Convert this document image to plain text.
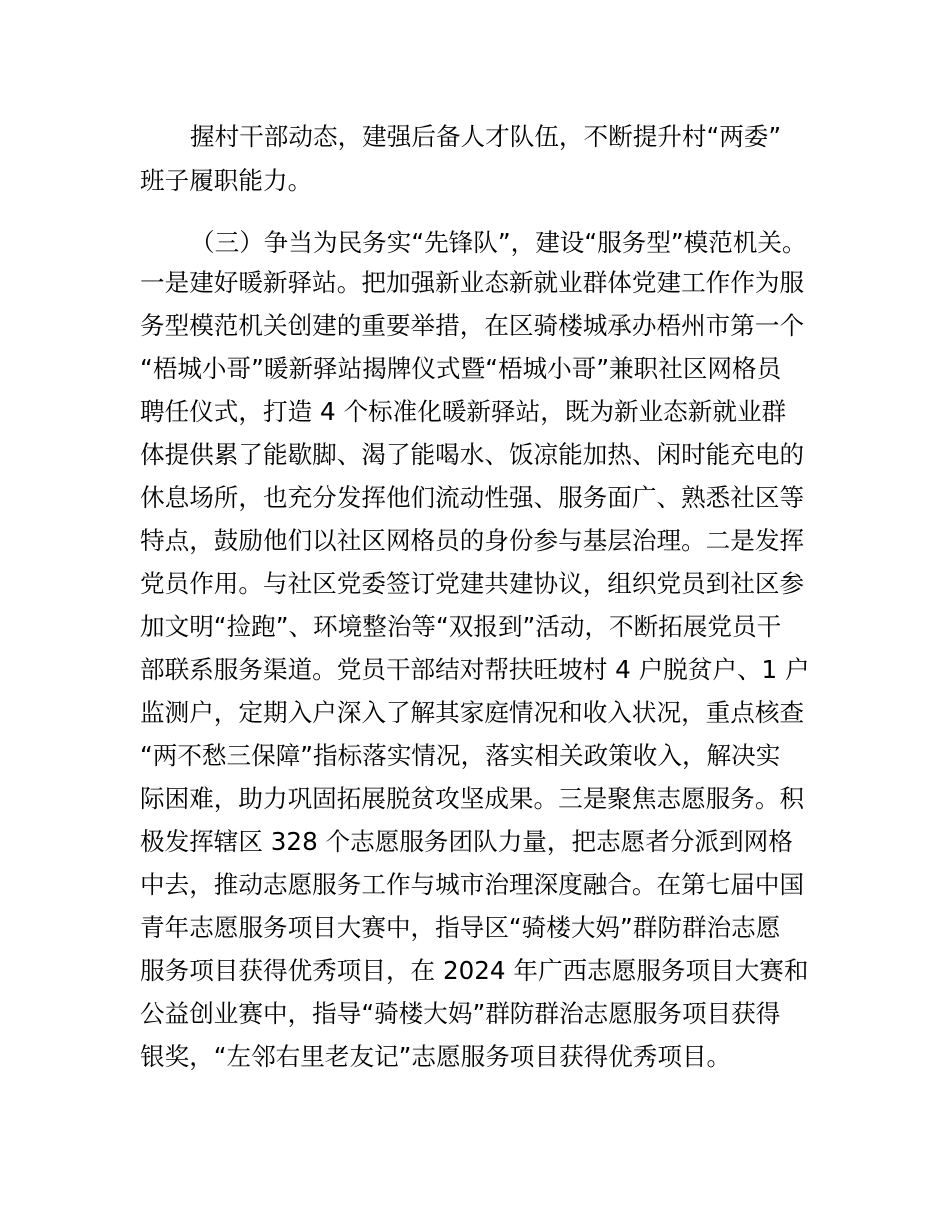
握村干部动态，建强后备人才队伍，不断提升村“两委”
班子履职能力。
（三）争当为民务实“先锋队”，建设“服务型”模范机关。
一是建好暖新驿站。把加强新业态新就业群体党建工作作为服
务型模范机关创建的重要举措，在区骑楼城承办梧州市第一个
“梧城小哥”暖新驿站揭牌仪式暨“梧城小哥”兼职社区网格员
聘任仪式，打造 4 个标准化暖新驿站，既为新业态新就业群
体提供累了能歇脚、渴了能喝水、饭凉能加热、闲时能充电的
休息场所，也充分发挥他们流动性强、服务面广、熟悉社区等
特点，鼓励他们以社区网格员的身份参与基层治理。二是发挥
党员作用。与社区党委签订党建共建协议，组织党员到社区参
加文明“捡跑”、环境整治等“双报到”活动，不断拓展党员干
部联系服务渠道。党员干部结对帮扶旺坡村 4 户脱贫户、1 户
监测户，定期入户深入了解其家庭情况和收入状况，重点核查
“两不愁三保障”指标落实情况，落实相关政策收入，解决实
际困难，助力巩固拓展脱贫攻坚成果。三是聚焦志愿服务。积
极发挥辖区 328 个志愿服务团队力量，把志愿者分派到网格
中去，推动志愿服务工作与城市治理深度融合。在第七届中国
青年志愿服务项目大赛中，指导区“骑楼大妈”群防群治志愿
服务项目获得优秀项目，在 2024 年广西志愿服务项目大赛和
公益创业赛中，指导“骑楼大妈”群防群治志愿服务项目获得
银奖，“左邻右里老友记”志愿服务项目获得优秀项目。
